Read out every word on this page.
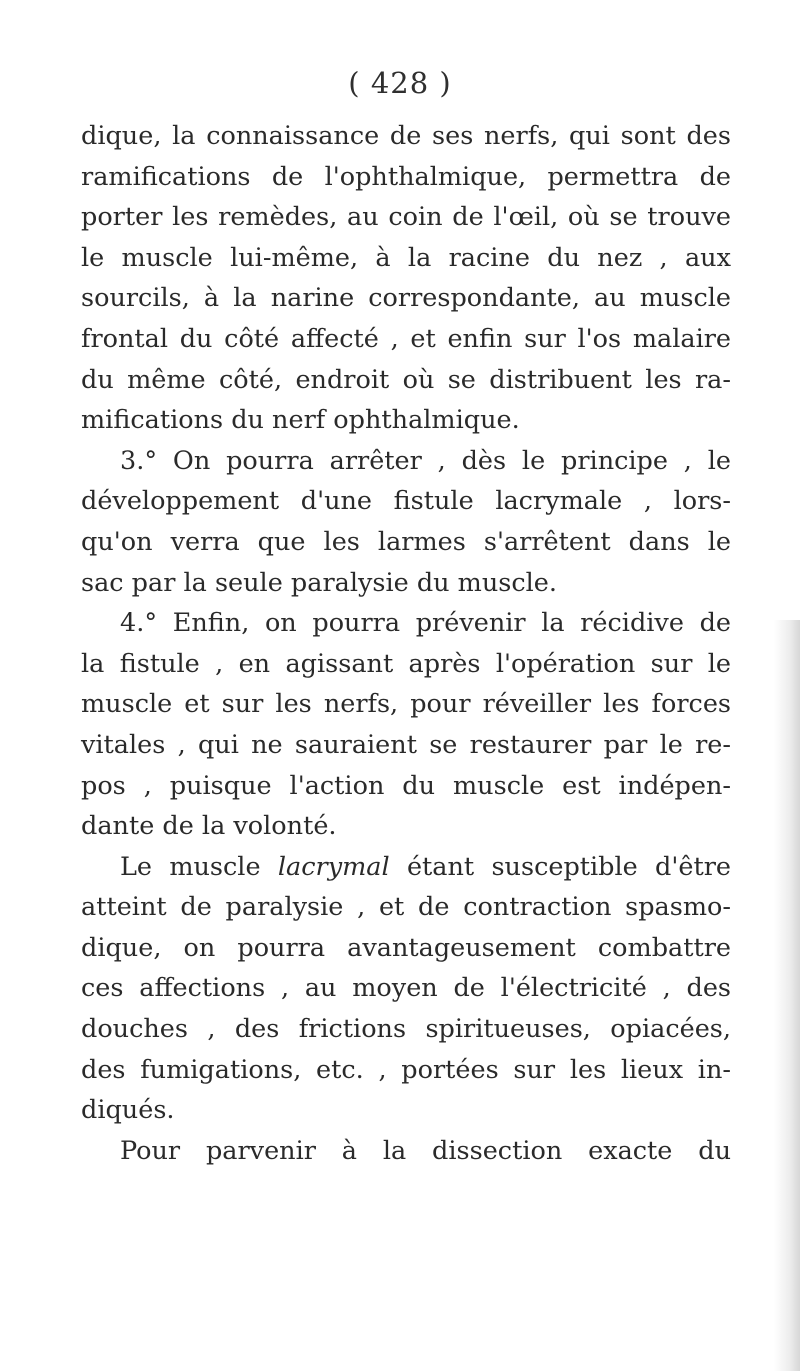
( 428 )
dique, la connaissance de ses nerfs, qui sont des
ramifications de l'ophthalmique, permettra de
porter les remèdes, au coin de l'œil, où se trouve
le muscle lui-même, à la racine du nez , aux
sourcils, à la narine correspondante, au muscle
frontal du côté affecté , et enfin sur l'os malaire
du même côté, endroit où se distribuent les ra-
mifications du nerf ophthalmique.
3.° On pourra arrêter , dès le principe , le
développement d'une fistule lacrymale , lors-
qu'on verra que les larmes s'arrêtent dans le
sac par la seule paralysie du muscle.
4.° Enfin, on pourra prévenir la récidive de
la fistule , en agissant après l'opération sur le
muscle et sur les nerfs, pour réveiller les forces
vitales , qui ne sauraient se restaurer par le re-
pos , puisque l'action du muscle est indépen-
dante de la volonté.
Le muscle lacrymal étant susceptible d'être
atteint de paralysie , et de contraction spasmo-
dique, on pourra avantageusement combattre
ces affections , au moyen de l'électricité , des
douches , des frictions spiritueuses, opiacées,
des fumigations, etc. , portées sur les lieux in-
diqués.
Pour parvenir à la dissection exacte du
